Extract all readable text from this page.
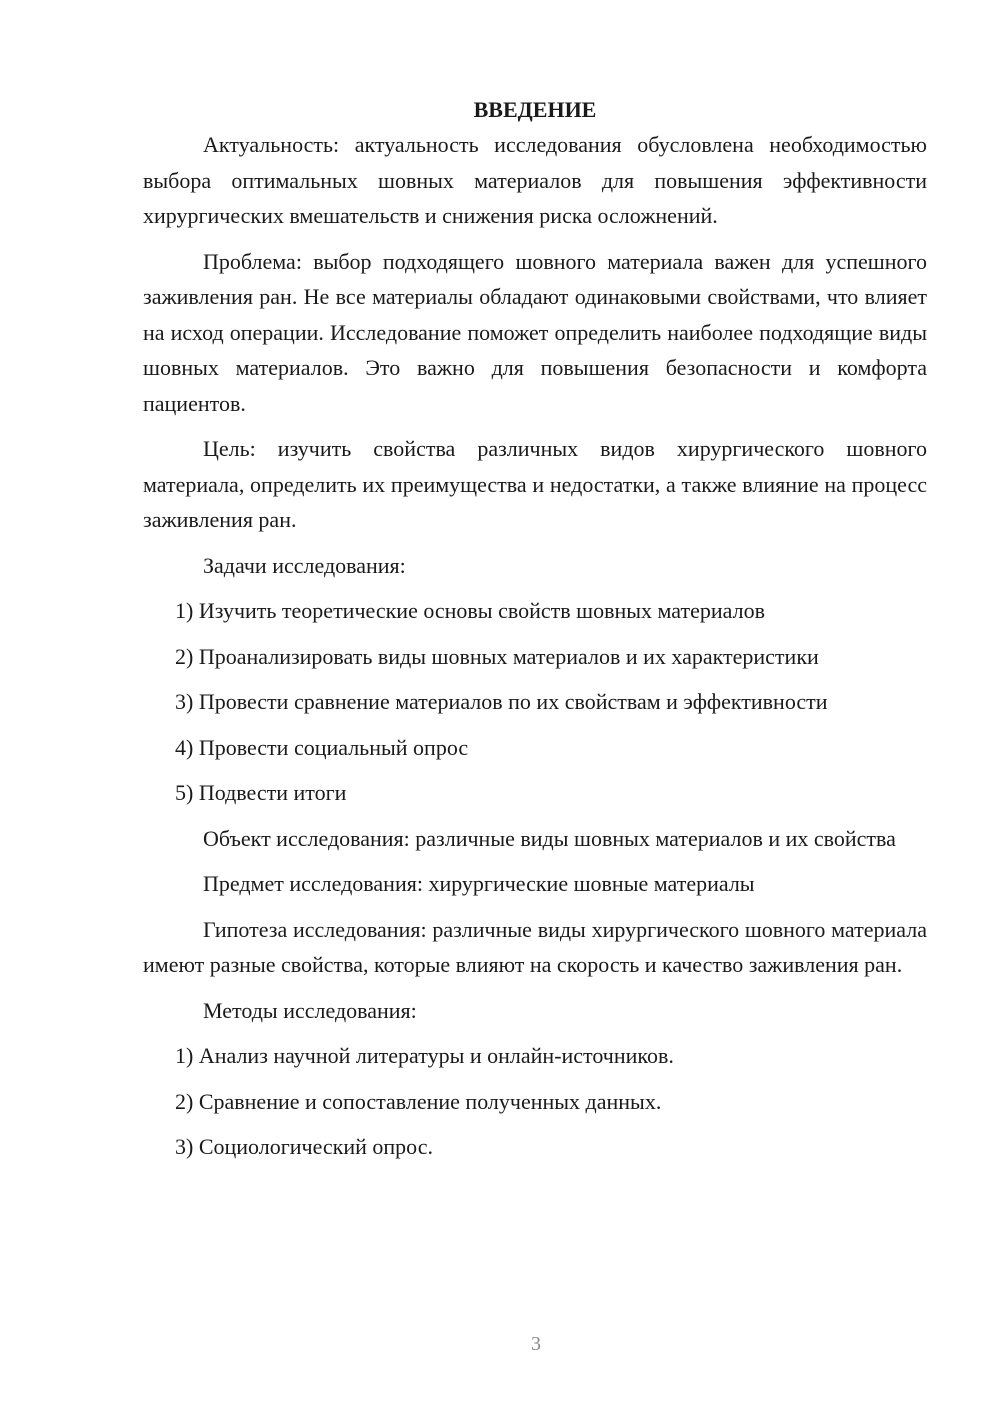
ВВЕДЕНИЕ

Актуальность: актуальность исследования обусловлена необходимостью выбора оптимальных шовных материалов для повышения эффективности хирургических вмешательств и снижения риска осложнений.

Проблема: выбор подходящего шовного материала важен для успешного заживления ран. Не все материалы обладают одинаковыми свойствами, что влияет на исход операции. Исследование поможет определить наиболее подходящие виды шовных материалов. Это важно для повышения безопасности и комфорта пациентов.

Цель: изучить свойства различных видов хирургического шовного материала, определить их преимущества и недостатки, а также влияние на процесс заживления ран.

Задачи исследования:

1) Изучить теоретические основы свойств шовных материалов

2) Проанализировать виды шовных материалов и их характеристики

3) Провести сравнение материалов по их свойствам и эффективности

4) Провести социальный опрос

5) Подвести итоги

Объект исследования: различные виды шовных материалов и их свойства

Предмет исследования: хирургические шовные материалы

Гипотеза исследования: различные виды хирургического шовного материала имеют разные свойства, которые влияют на скорость и качество заживления ран.

Методы исследования:

1) Анализ научной литературы и онлайн-источников.

2) Сравнение и сопоставление полученных данных.

3) Социологический опрос.

3
